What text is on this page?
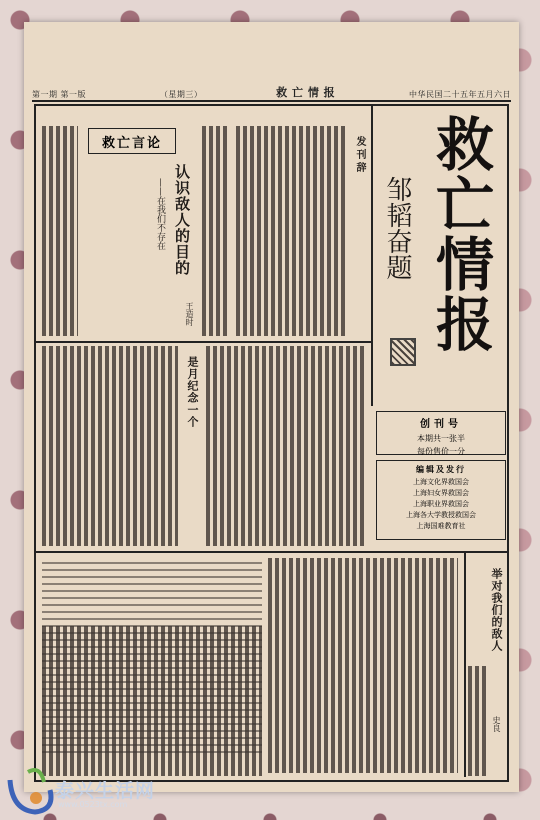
第一期 第一版	（星期三）	救 亡 情 报	中华民国二十五年五月六日
救亡情报
邹韬奋题
创刊号
本期共一张半
每份售价一分
编辑及发行
上海文化界救国会
上海妇女界救国会
上海职业界救国会
上海各大学教授救国会
上海国难教育社
发刊辞
救亡言论
认识敌人的目的
——在我们不存在
王造时
是月纪念一个
举对我们的敌人
史良
泰兴生活网
www.0523tx.com
